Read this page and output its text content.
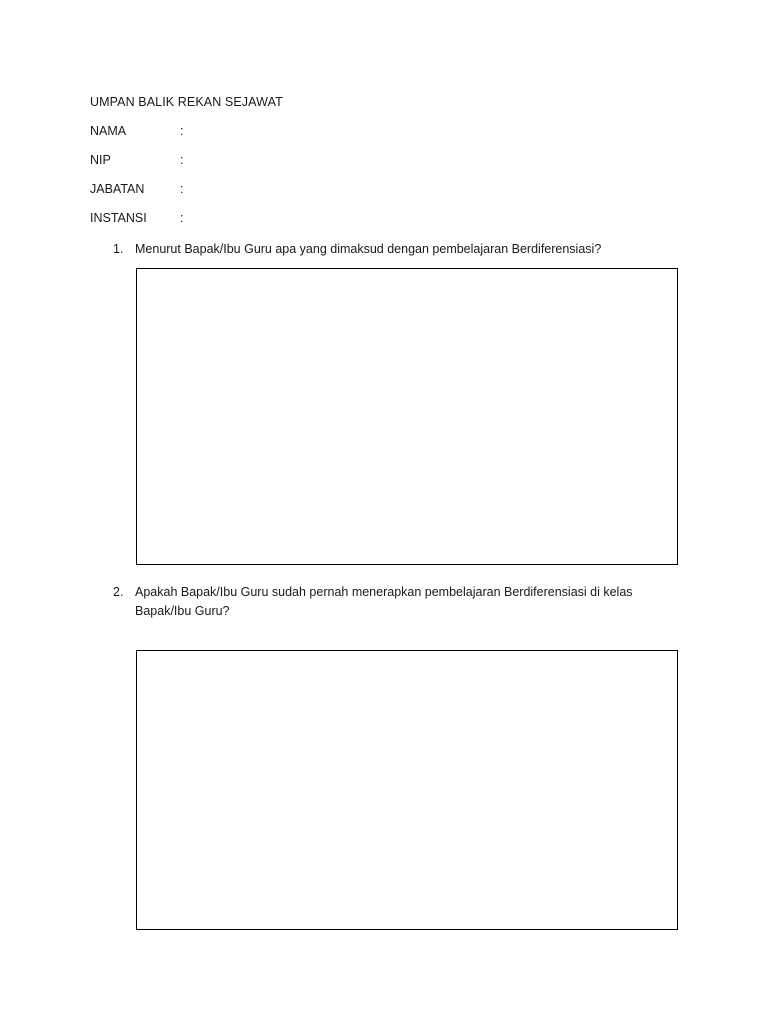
UMPAN BALIK REKAN SEJAWAT
NAMA	:
NIP	:
JABATAN	:
INSTANSI	:
1. Menurut Bapak/Ibu Guru apa yang dimaksud dengan pembelajaran Berdiferensiasi?
2. Apakah Bapak/Ibu Guru sudah pernah menerapkan pembelajaran Berdiferensiasi di kelas Bapak/Ibu Guru?
